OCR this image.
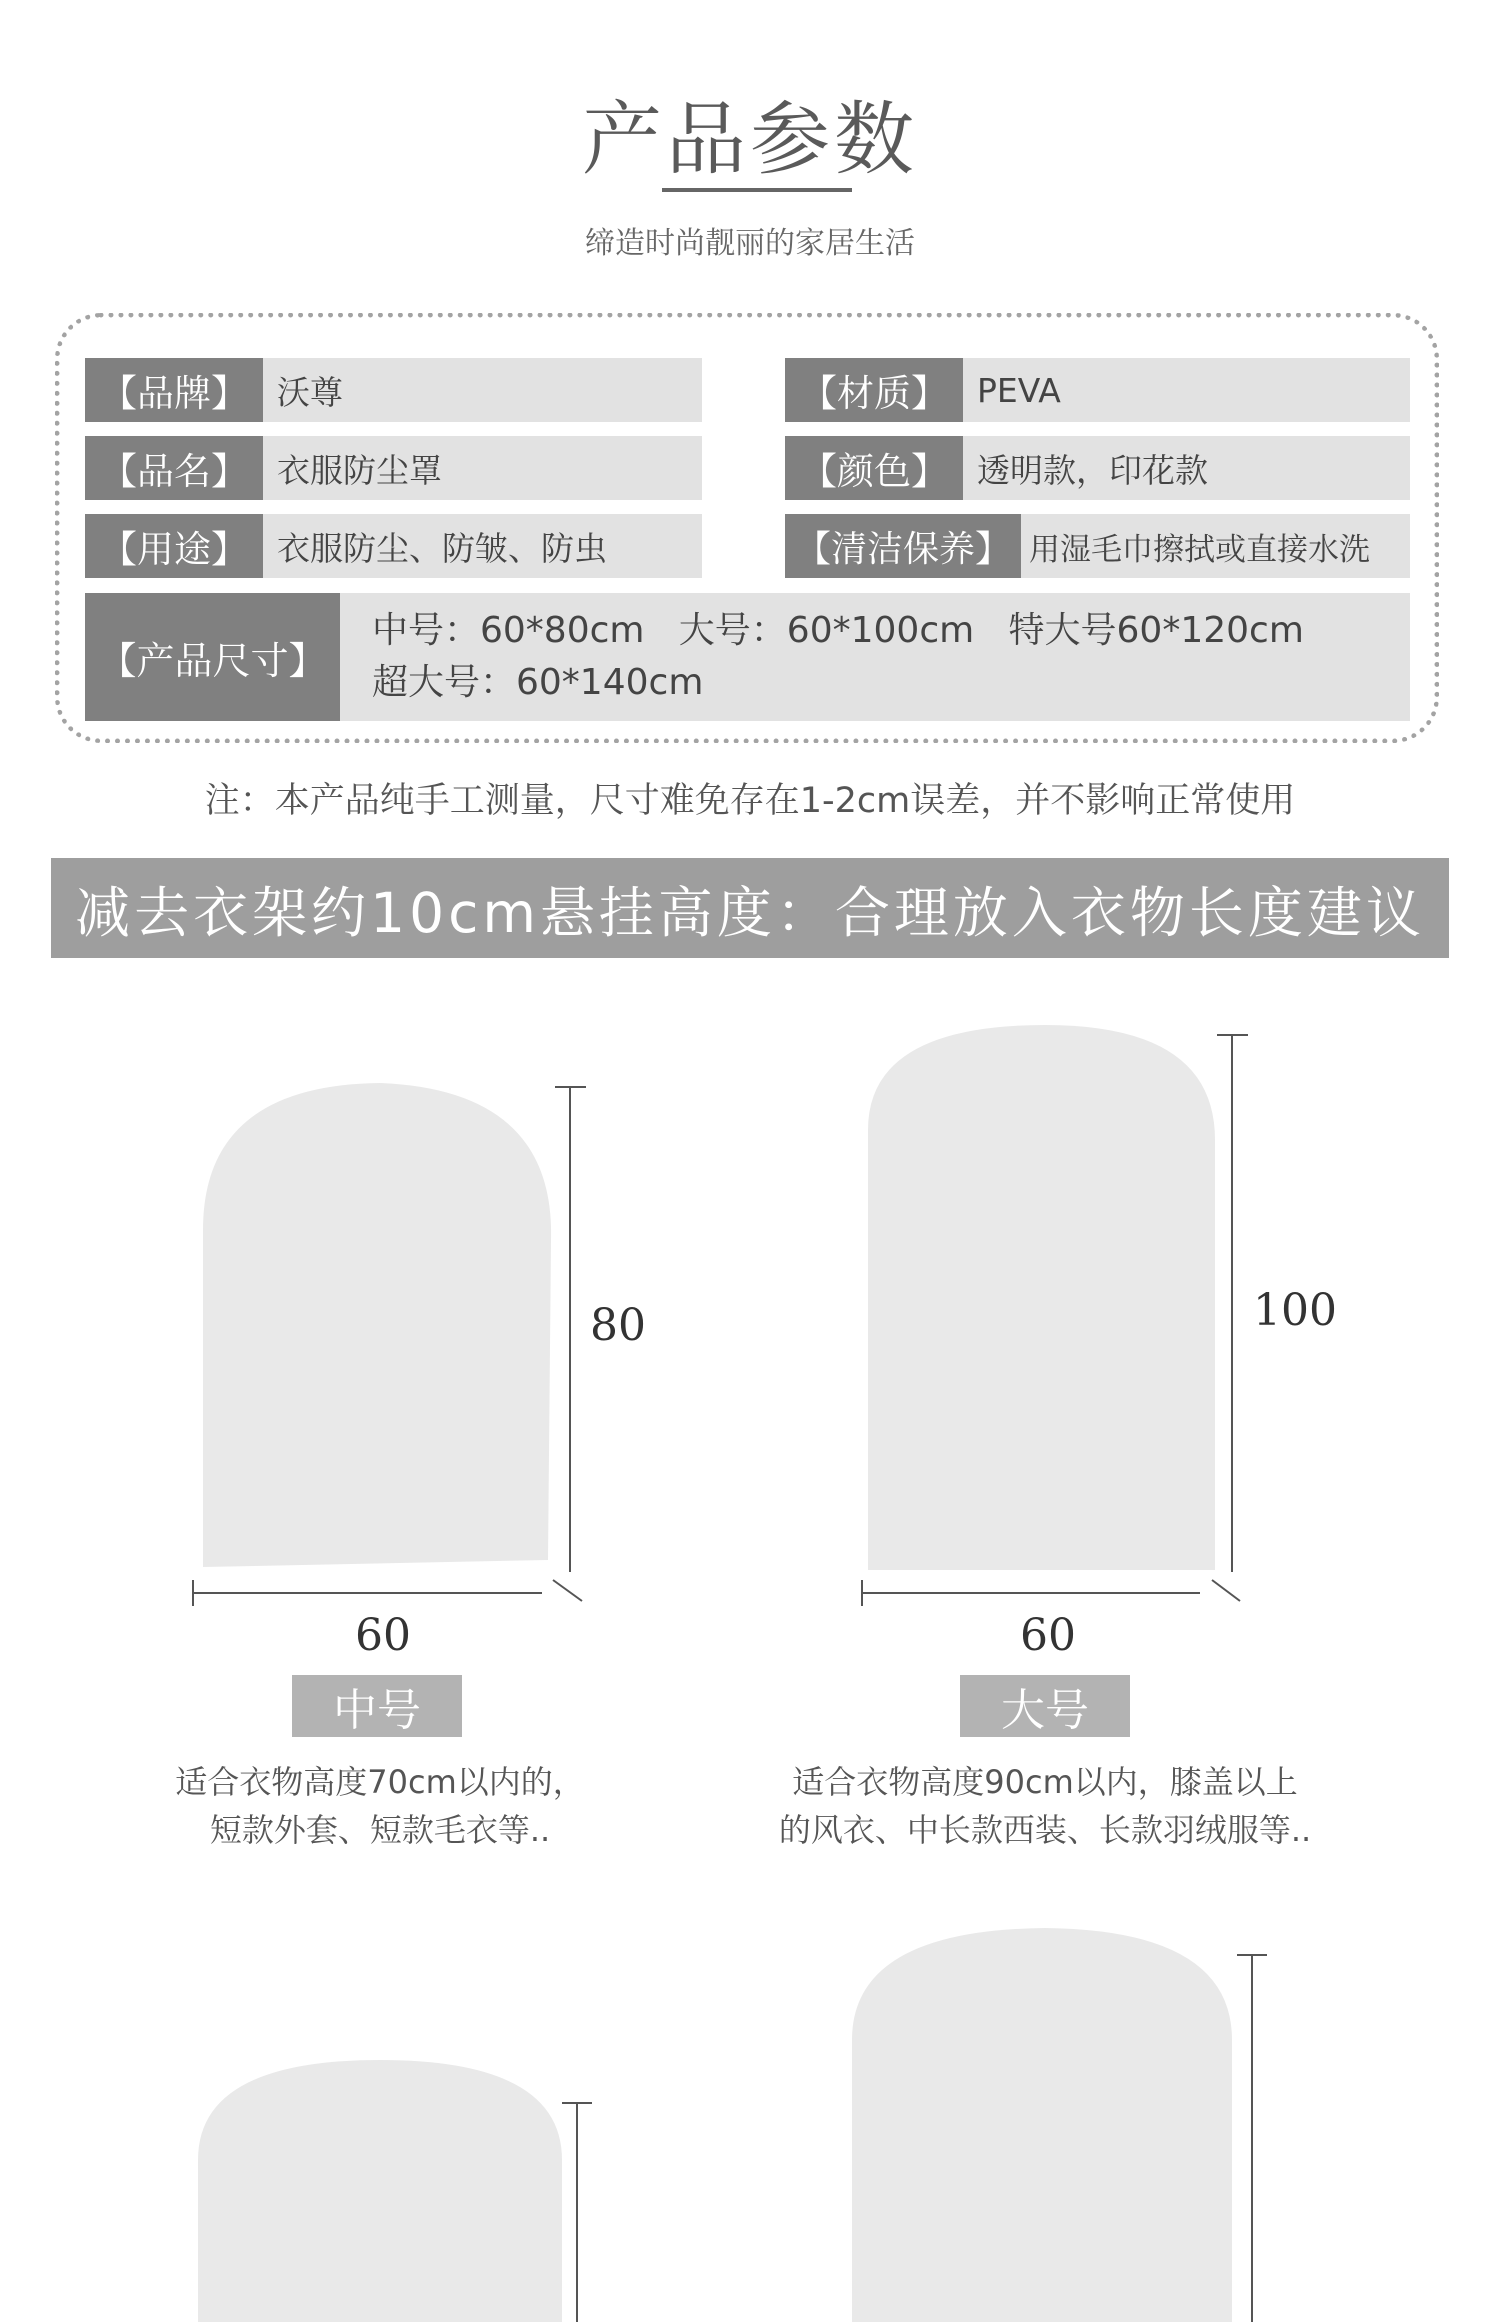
产品参数
缔造时尚靓丽的家居生活
【品牌】 沃尊
【品名】 衣服防尘罩
【用途】 衣服防尘、防皱、防虫
【材质】 PEVA
【颜色】 透明款，印花款
【清洁保养】 用湿毛巾擦拭或直接水洗
【产品尺寸】
中号：60*80cm   大号：60*100cm   特大号60*120cm
超大号：60*140cm
注：本产品纯手工测量，尺寸难免存在1-2cm误差，并不影响正常使用
减去衣架约10cm悬挂高度：合理放入衣物长度建议
80
60
100
60
中号	大号
适合衣物高度70cm以内的，
短款外套、短款毛衣等..
适合衣物高度90cm以内，膝盖以上
的风衣、中长款西装、长款羽绒服等..
